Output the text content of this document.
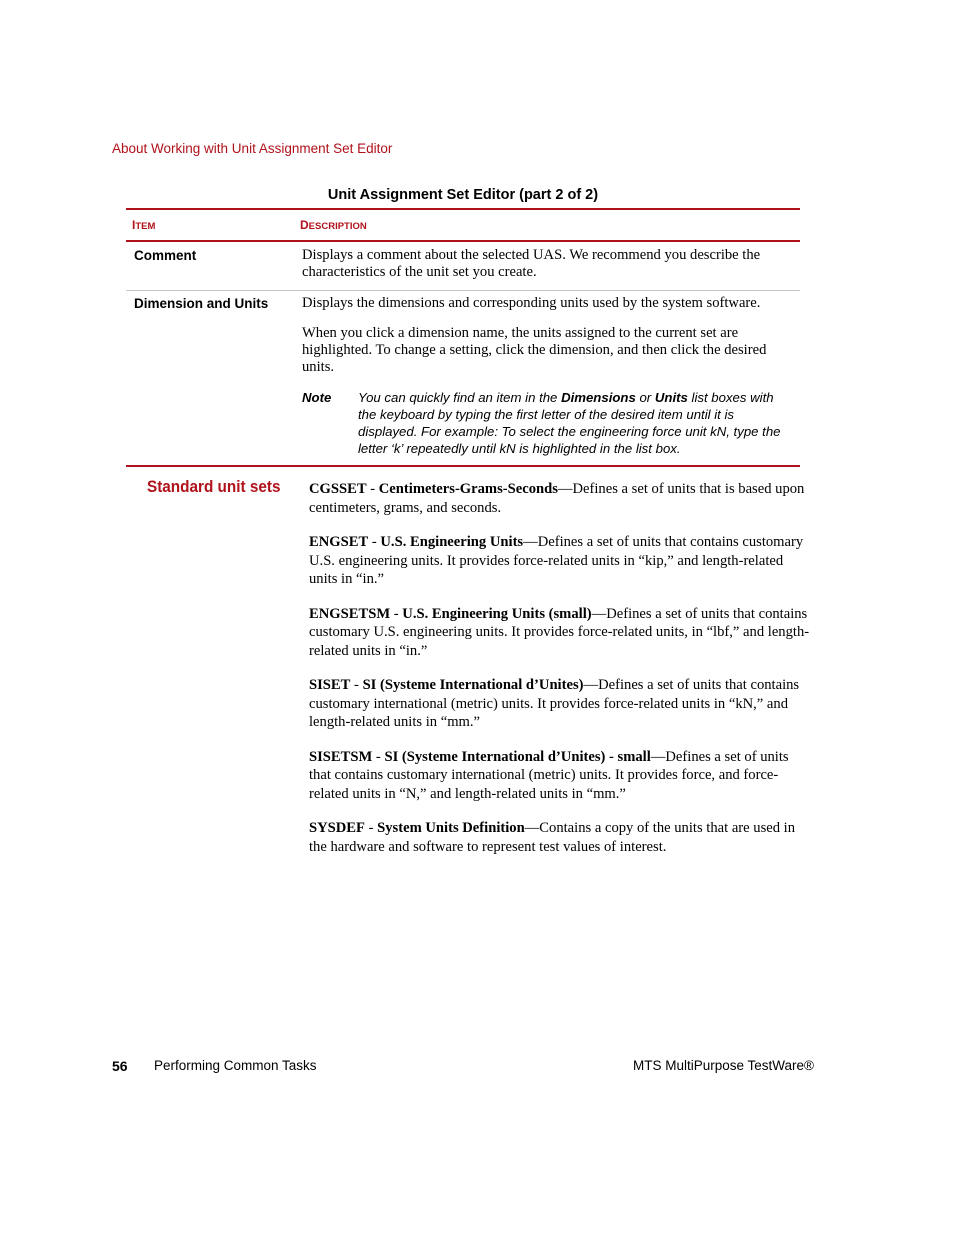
About Working with Unit Assignment Set Editor
Unit Assignment Set Editor (part 2 of 2)
ITEM	DESCRIPTION
Comment	Displays a comment about the selected UAS. We recommend you describe the characteristics of the unit set you create.

Dimension and Units	Displays the dimensions and corresponding units used by the system software.

When you click a dimension name, the units assigned to the current set are highlighted. To change a setting, click the dimension, and then click the desired units.

Note	You can quickly find an item in the Dimensions or Units list boxes with the keyboard by typing the first letter of the desired item until it is displayed. For example: To select the engineering force unit kN, type the letter ‘k’ repeatedly until kN is highlighted in the list box.
Standard unit sets CGSSET - Centimeters-Grams-Seconds—Defines a set of units that is based upon centimeters, grams, and seconds.

ENGSET - U.S. Engineering Units—Defines a set of units that contains customary U.S. engineering units. It provides force-related units in “kip,” and length-related units in “in.”

ENGSETSM - U.S. Engineering Units (small)—Defines a set of units that contains customary U.S. engineering units. It provides force-related units, in “lbf,” and length-related units in “in.”

SISET - SI (Systeme International d’Unites)—Defines a set of units that contains customary international (metric) units. It provides force-related units in “kN,” and length-related units in “mm.”

SISETSM - SI (Systeme International d’Unites) - small—Defines a set of units that contains customary international (metric) units. It provides force, and force-related units in “N,” and length-related units in “mm.”

SYSDEF - System Units Definition—Contains a copy of the units that are used in the hardware and software to represent test values of interest.

56 Performing Common Tasks	MTS MultiPurpose TestWare®
